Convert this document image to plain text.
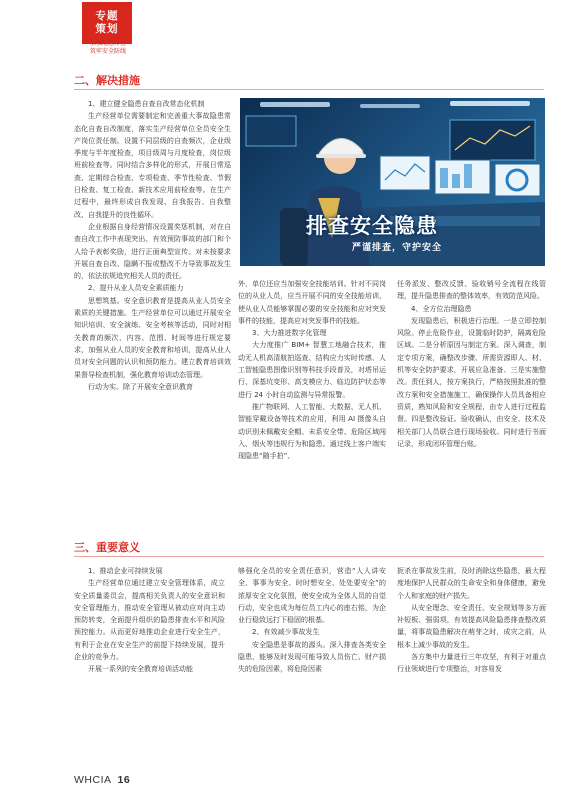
专题
策划
加强隐患排查
筑牢安全防线
二、解决措施

1、建立健全隐患自查自改常态化机制

生产经营单位需要制定和完善重大事故隐患常态化自查自改制度，落实生产经营单位全员安全生产岗位责任制。设置不同层级的自查频次，企业级季度与半年度检查，项目级周与月度检查，岗位级班前检查等。同时结合多样化的形式，开展日常巡查、定期综合检查、专项检查、季节性检查、节假日检查、复工检查、新技术应用前检查等。在生产过程中，最终形成自我发现、自我报告、自我整改、自我提升的良性循环。

企业根据自身经营情况设置奖惩机制，对在自查自改工作中表现突出、有效预防事故的部门和个人给予表彰奖励，进行正面典型宣传。对未按要求开展自查自改、隐瞒不报或整改不力导致事故发生的，依法依规追究相关人员的责任。

2、提升从业人员安全素质能力

思想筑基。安全意识教育是提高从业人员安全素质的关键措施。生产经营单位可以通过开展安全知识培训、安全演练、安全考核等活动，同时对相关教育的频次、内容、范围、时间等进行规定要求，加强从业人员的安全教育和培训，提高从业人员对安全问题的认识和预防能力。建立教育培训效果督导检查机制，强化教育培训动态管理。

行动为实。除了开展安全意识教育

排查安全隐患
严谨排查，守护安全

外，单位还应当加强安全技能培训。针对不同岗位的从业人员，应当开展不同的安全技能培训，使从业人员能够掌握必要的安全技能和应对突发事件的技能，提高应对突发事件的技能。

3、大力推进数字化管理

大力度推广 BIM+ 智慧工地融合技术，推动无人机高清航拍巡查、结构应力实时传感、人工智能隐患图像识别等科技手段普及，对塔吊运行、深基坑变形、高支模应力、临边防护状态等进行 24 小时自动监测与异常报警。

推广物联网、人工智能、大数据、无人机、智能穿戴设备等技术的应用，利用 AI 摄像头自动识别未佩戴安全帽、未系安全带、危险区域闯入、烟火等违规行为和隐患。通过线上客户端实现隐患“随手拍”、

任务派发、整改反馈、验收销号全流程在线管理，提升隐患排查的整体效率，有效防范风险。

4、全方位治理隐患

发现隐患后，积极进行治理。一是立即控制风险。停止危险作业，设置临时防护，隔离危险区域。二是分析原因与制定方案。深入调查，制定专项方案，确整改步骤、所需资源即人、材、机等安全防护要求，开展应急准备、三是实施整改。责任到人，按方案执行，严格按照批准的整改方案和安全措施施工，确保操作人员具备相应资质，熟知风险和安全规程，由专人进行过程监督。四是整改验证。验收确认，由安全、技术及相关部门人员联合进行现场验收。同时进行书面记录，形成闭环管理台账。

三、重要意义

1、推动企业可持续发展

生产经营单位通过建立安全管理体系，成立安全质量委员会，提高相关负责人的安全意识和安全管理能力，推动安全管理从被动应对向主动预防转变，全面提升组织的隐患排查水平和风险预控能力。从而更好地推动企业进行安全生产，有利于企业在安全生产的前提下持续发展，提升企业的竞争力。

开展一系列的安全教育培训活动能

够强化全员的安全责任意识，营造“人人讲安全、事事为安全、时时想安全、处处要安全”的浓厚安全文化氛围，使安全成为全体人员的自觉行动，安全也成为每位员工内心的座右铭，为企业行稳致远打下稳固的根基。

2、有效减少事故发生

安全隐患是事故的源头。深入排查各类安全隐患，能够及时发现可能导致人员伤亡、财产损失的危险因素，将危险因素

扼杀在事故发生前，及时消除这些隐患，最大程度地保护人民群众的生命安全和身体健康，避免个人和家庭的财产损失。

从安全理念、安全责任、安全规划等多方面补短板、强弱项，有效提高风险隐患排查整改质量，将事故隐患解决在萌芽之时，成灾之前，从根本上减少事故的发生。

各方集中力量进行三年攻坚，有利于对重点行业领域进行专项整治，对容易发

WHCIA 16
